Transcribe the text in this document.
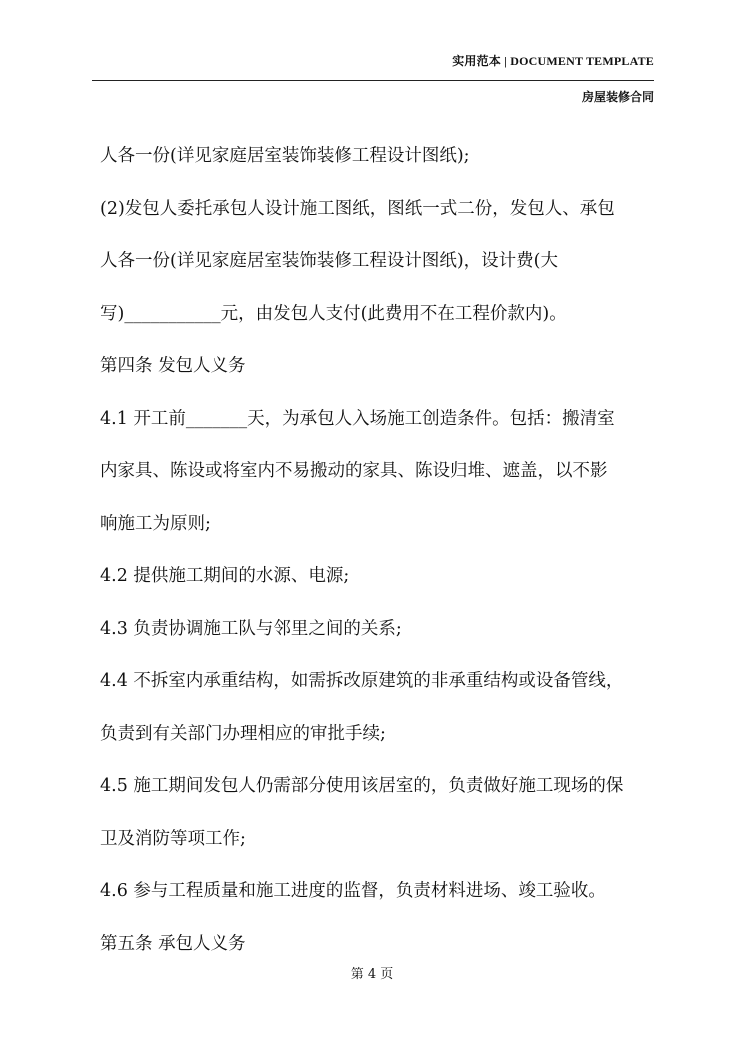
实用范本 | DOCUMENT TEMPLATE
房屋装修合同
人各一份(详见家庭居室装饰装修工程设计图纸);
(2)发包人委托承包人设计施工图纸，图纸一式二份，发包人、承包
人各一份(详见家庭居室装饰装修工程设计图纸)，设计费(大
写)___________元，由发包人支付(此费用不在工程价款内)。
第四条 发包人义务
4.1 开工前_______天，为承包人入场施工创造条件。包括：搬清室
内家具、陈设或将室内不易搬动的家具、陈设归堆、遮盖，以不影
响施工为原则;
4.2 提供施工期间的水源、电源;
4.3 负责协调施工队与邻里之间的关系;
4.4 不拆室内承重结构，如需拆改原建筑的非承重结构或设备管线，
负责到有关部门办理相应的审批手续;
4.5 施工期间发包人仍需部分使用该居室的，负责做好施工现场的保
卫及消防等项工作;
4.6 参与工程质量和施工进度的监督，负责材料进场、竣工验收。
第五条 承包人义务
第 4 页
